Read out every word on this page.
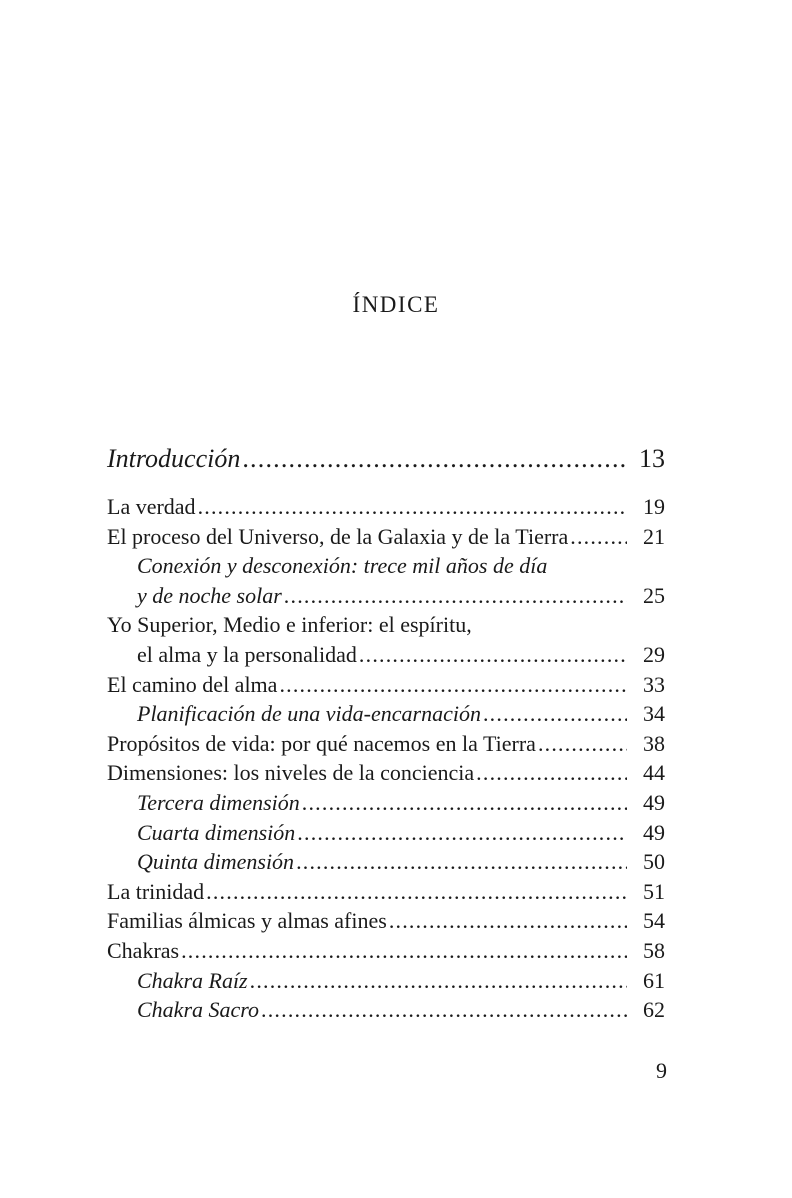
ÍNDICE
Introducción .....	13
La verdad .....	19
El proceso del Universo, de la Galaxia y de la Tierra .....	21
Conexión y desconexión: trece mil años de día
y de noche solar .....	25
Yo Superior, Medio e inferior: el espíritu,
el alma y la personalidad .....	29
El camino del alma .....	33
Planificación de una vida-encarnación .....	34
Propósitos de vida: por qué nacemos en la Tierra .....	38
Dimensiones: los niveles de la conciencia .....	44
Tercera dimensión .....	49
Cuarta dimensión .....	49
Quinta dimensión .....	50
La trinidad .....	51
Familias álmicas y almas afines .....	54
Chakras .....	58
Chakra Raíz .....	61
Chakra Sacro .....	62
9
